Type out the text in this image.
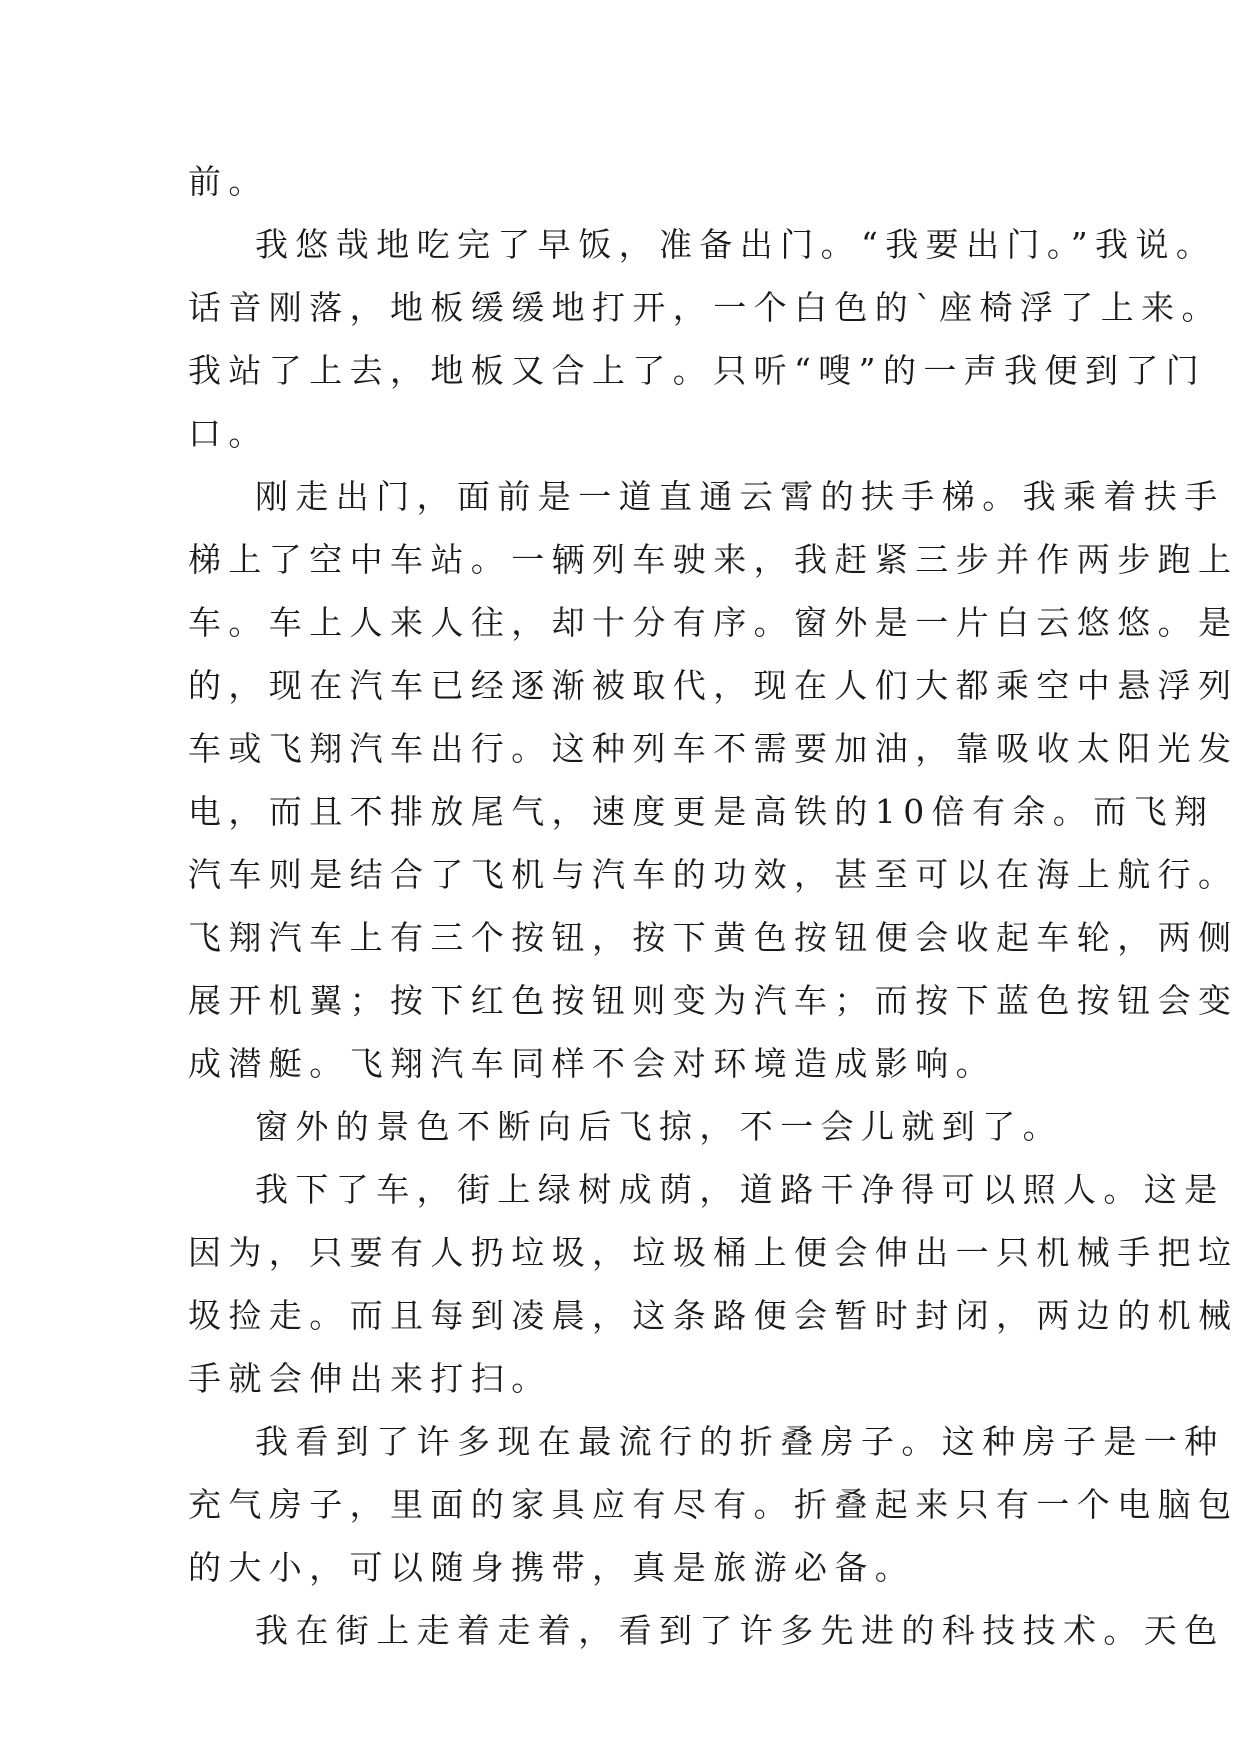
前。
我悠哉地吃完了早饭，准备出门。“我要出门。”我说。
话音刚落，地板缓缓地打开，一个白色的`座椅浮了上来。
我站了上去，地板又合上了。只听“嗖”的一声我便到了门
口。
刚走出门，面前是一道直通云霄的扶手梯。我乘着扶手
梯上了空中车站。一辆列车驶来，我赶紧三步并作两步跑上
车。车上人来人往，却十分有序。窗外是一片白云悠悠。是
的，现在汽车已经逐渐被取代，现在人们大都乘空中悬浮列
车或飞翔汽车出行。这种列车不需要加油，靠吸收太阳光发
电，而且不排放尾气，速度更是高铁的10倍有余。而飞翔
汽车则是结合了飞机与汽车的功效，甚至可以在海上航行。
飞翔汽车上有三个按钮，按下黄色按钮便会收起车轮，两侧
展开机翼；按下红色按钮则变为汽车；而按下蓝色按钮会变
成潜艇。飞翔汽车同样不会对环境造成影响。
窗外的景色不断向后飞掠，不一会儿就到了。
我下了车，街上绿树成荫，道路干净得可以照人。这是
因为，只要有人扔垃圾，垃圾桶上便会伸出一只机械手把垃
圾捡走。而且每到凌晨，这条路便会暂时封闭，两边的机械
手就会伸出来打扫。
我看到了许多现在最流行的折叠房子。这种房子是一种
充气房子，里面的家具应有尽有。折叠起来只有一个电脑包
的大小，可以随身携带，真是旅游必备。
我在街上走着走着，看到了许多先进的科技技术。天色
